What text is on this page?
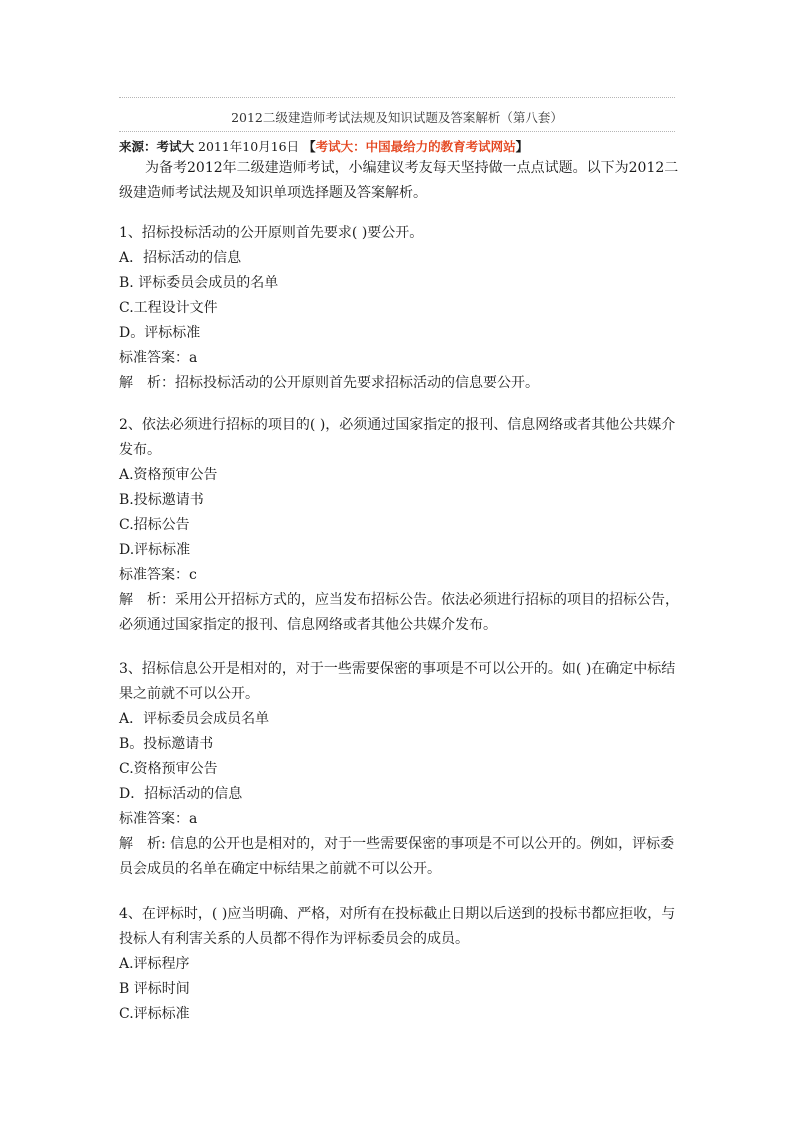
2012二级建造师考试法规及知识试题及答案解析（第八套）
来源：考试大 2011年10月16日 【考试大：中国最给力的教育考试网站】

为备考2012年二级建造师考试，小编建议考友每天坚持做一点点试题。以下为2012二级建造师考试法规及知识单项选择题及答案解析。

1、招标投标活动的公开原则首先要求( )要公开。

A．招标活动的信息

B. 评标委员会成员的名单

C.工程设计文件

D。评标标准

标准答案：a

解　析：招标投标活动的公开原则首先要求招标活动的信息要公开。

2、依法必须进行招标的项目的( )，必须通过国家指定的报刊、信息网络或者其他公共媒介发布。

A.资格预审公告

B.投标邀请书

C.招标公告

D.评标标准

标准答案：c

解　析：采用公开招标方式的，应当发布招标公告。依法必须进行招标的项目的招标公告，必须通过国家指定的报刊、信息网络或者其他公共媒介发布。

3、招标信息公开是相对的，对于一些需要保密的事项是不可以公开的。如( )在确定中标结果之前就不可以公开。

A．评标委员会成员名单

B。投标邀请书

C.资格预审公告

D．招标活动的信息

标准答案：a

解　析: 信息的公开也是相对的，对于一些需要保密的事项是不可以公开的。例如，评标委员会成员的名单在确定中标结果之前就不可以公开。

4、在评标时，( )应当明确、严格，对所有在投标截止日期以后送到的投标书都应拒收，与投标人有利害关系的人员都不得作为评标委员会的成员。

A.评标程序

B 评标时间

C.评标标准
